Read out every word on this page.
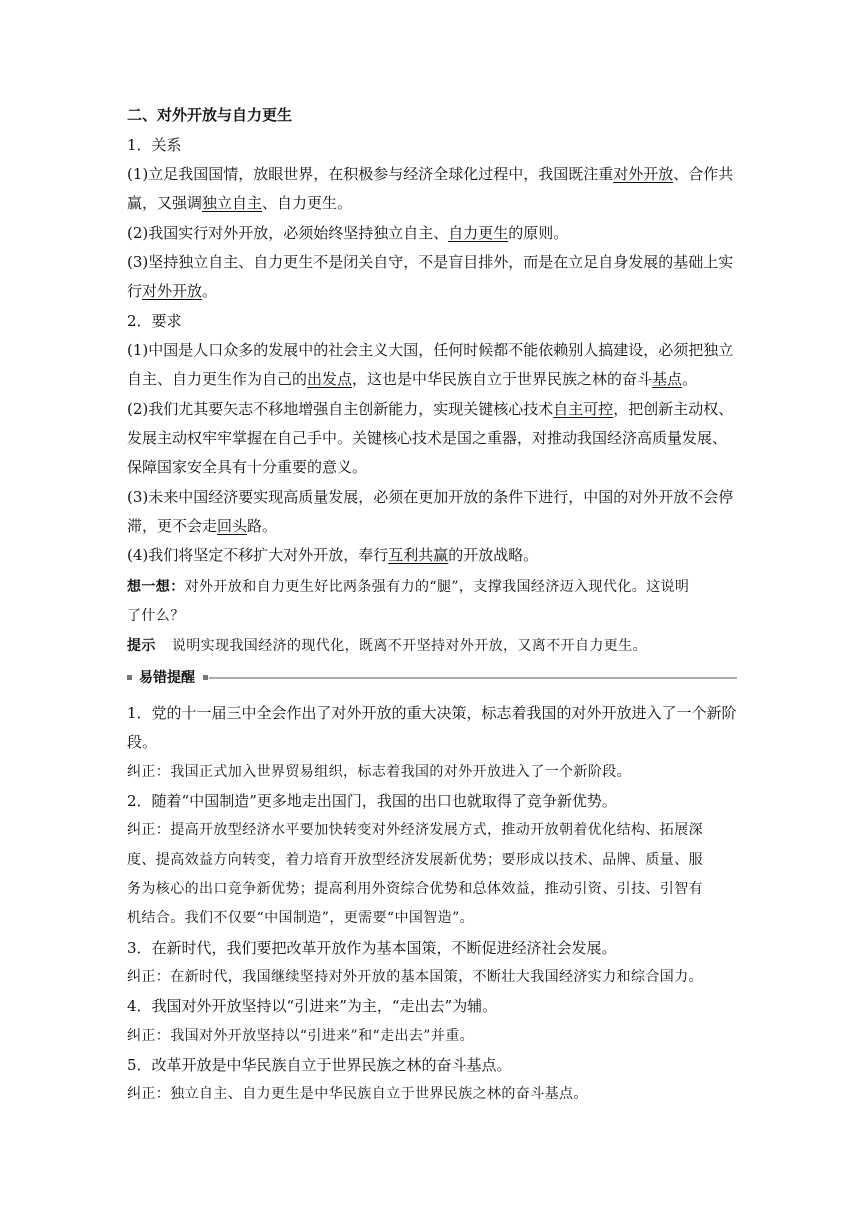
二、对外开放与自力更生
1．关系
(1)立足我国国情，放眼世界，在积极参与经济全球化过程中，我国既注重对外开放、合作共
赢，又强调独立自主、自力更生。
(2)我国实行对外开放，必须始终坚持独立自主、自力更生的原则。
(3)坚持独立自主、自力更生不是闭关自守，不是盲目排外，而是在立足自身发展的基础上实
行对外开放。
2．要求
(1)中国是人口众多的发展中的社会主义大国，任何时候都不能依赖别人搞建设，必须把独立
自主、自力更生作为自己的出发点，这也是中华民族自立于世界民族之林的奋斗基点。
(2)我们尤其要矢志不移地增强自主创新能力，实现关键核心技术自主可控，把创新主动权、
发展主动权牢牢掌握在自己手中。关键核心技术是国之重器，对推动我国经济高质量发展、
保障国家安全具有十分重要的意义。
(3)未来中国经济要实现高质量发展，必须在更加开放的条件下进行，中国的对外开放不会停
滞，更不会走回头路。
(4)我们将坚定不移扩大对外开放，奉行互利共赢的开放战略。
想一想：对外开放和自力更生好比两条强有力的“腿”，支撑我国经济迈入现代化。这说明
了什么？
提示 说明实现我国经济的现代化，既离不开坚持对外开放，又离不开自力更生。
易错提醒
1．党的十一届三中全会作出了对外开放的重大决策，标志着我国的对外开放进入了一个新阶
段。
纠正：我国正式加入世界贸易组织，标志着我国的对外开放进入了一个新阶段。
2．随着“中国制造”更多地走出国门，我国的出口也就取得了竞争新优势。
纠正：提高开放型经济水平要加快转变对外经济发展方式，推动开放朝着优化结构、拓展深
度、提高效益方向转变，着力培育开放型经济发展新优势；要形成以技术、品牌、质量、服
务为核心的出口竞争新优势；提高利用外资综合优势和总体效益，推动引资、引技、引智有
机结合。我们不仅要“中国制造”，更需要“中国智造”。
3．在新时代，我们要把改革开放作为基本国策，不断促进经济社会发展。
纠正：在新时代，我国继续坚持对外开放的基本国策，不断壮大我国经济实力和综合国力。
4．我国对外开放坚持以“引进来”为主，“走出去”为辅。
纠正：我国对外开放坚持以“引进来”和“走出去”并重。
5．改革开放是中华民族自立于世界民族之林的奋斗基点。
纠正：独立自主、自力更生是中华民族自立于世界民族之林的奋斗基点。
